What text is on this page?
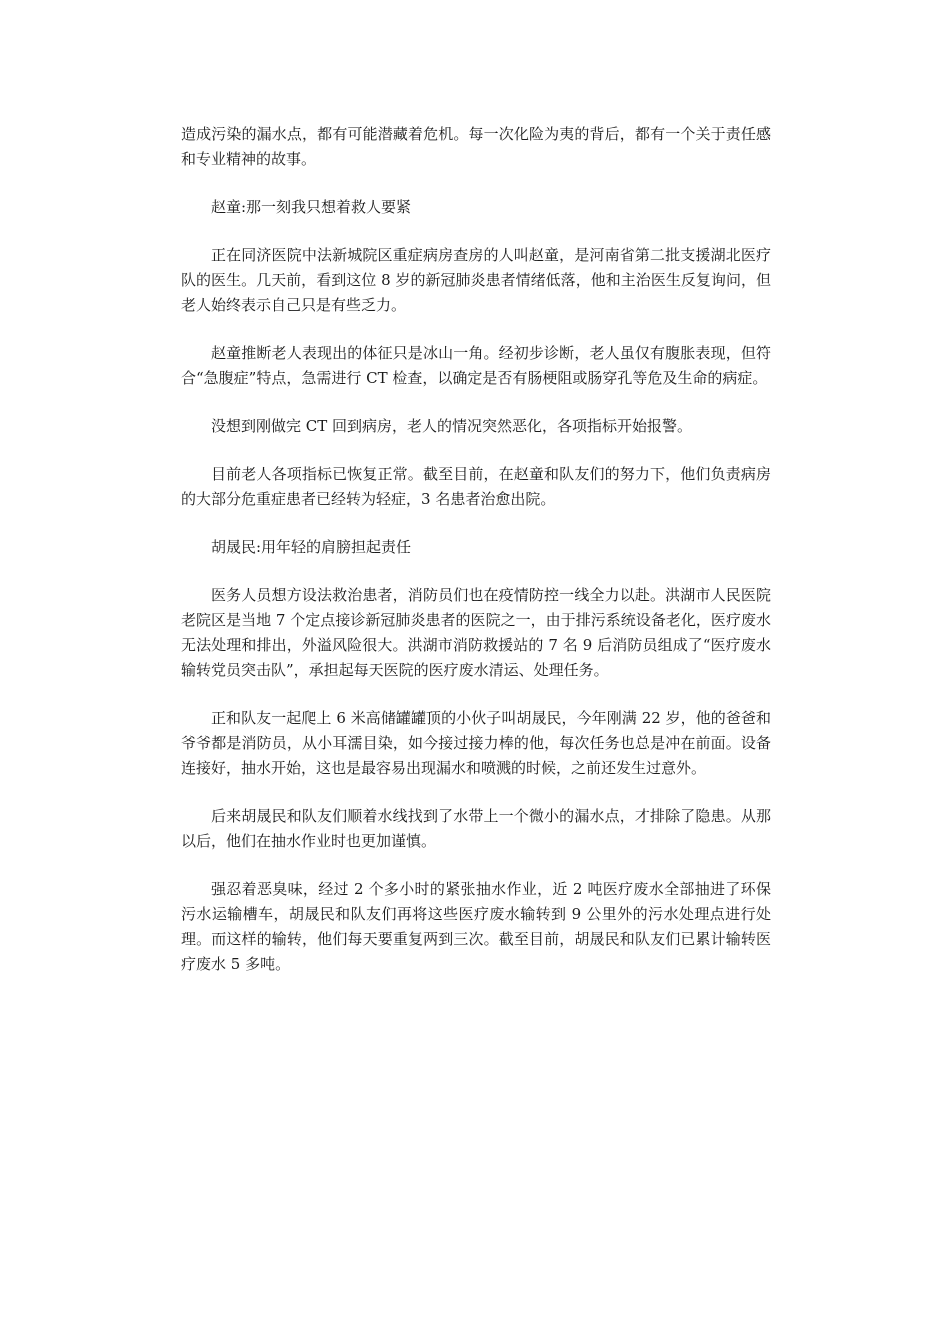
造成污染的漏水点，都有可能潜藏着危机。每一次化险为夷的背后，都有一个关于责任感和专业精神的故事。

赵童:那一刻我只想着救人要紧

正在同济医院中法新城院区重症病房查房的人叫赵童，是河南省第二批支援湖北医疗队的医生。几天前，看到这位 8 岁的新冠肺炎患者情绪低落，他和主治医生反复询问，但老人始终表示自己只是有些乏力。

赵童推断老人表现出的体征只是冰山一角。经初步诊断，老人虽仅有腹胀表现，但符合“急腹症”特点，急需进行 CT 检查，以确定是否有肠梗阻或肠穿孔等危及生命的病症。

没想到刚做完 CT 回到病房，老人的情况突然恶化，各项指标开始报警。

目前老人各项指标已恢复正常。截至目前，在赵童和队友们的努力下，他们负责病房的大部分危重症患者已经转为轻症，3 名患者治愈出院。

胡晟民:用年轻的肩膀担起责任

医务人员想方设法救治患者，消防员们也在疫情防控一线全力以赴。洪湖市人民医院老院区是当地 7 个定点接诊新冠肺炎患者的医院之一，由于排污系统设备老化，医疗废水无法处理和排出，外溢风险很大。洪湖市消防救援站的 7 名 9 后消防员组成了“医疗废水输转党员突击队”，承担起每天医院的医疗废水清运、处理任务。

正和队友一起爬上 6 米高储罐罐顶的小伙子叫胡晟民，今年刚满 22 岁，他的爸爸和爷爷都是消防员，从小耳濡目染，如今接过接力棒的他，每次任务也总是冲在前面。设备连接好，抽水开始，这也是最容易出现漏水和喷溅的时候，之前还发生过意外。

后来胡晟民和队友们顺着水线找到了水带上一个微小的漏水点，才排除了隐患。从那以后，他们在抽水作业时也更加谨慎。

强忍着恶臭味，经过 2 个多小时的紧张抽水作业，近 2 吨医疗废水全部抽进了环保污水运输槽车，胡晟民和队友们再将这些医疗废水输转到 9 公里外的污水处理点进行处理。而这样的输转，他们每天要重复两到三次。截至目前，胡晟民和队友们已累计输转医疗废水 5 多吨。
